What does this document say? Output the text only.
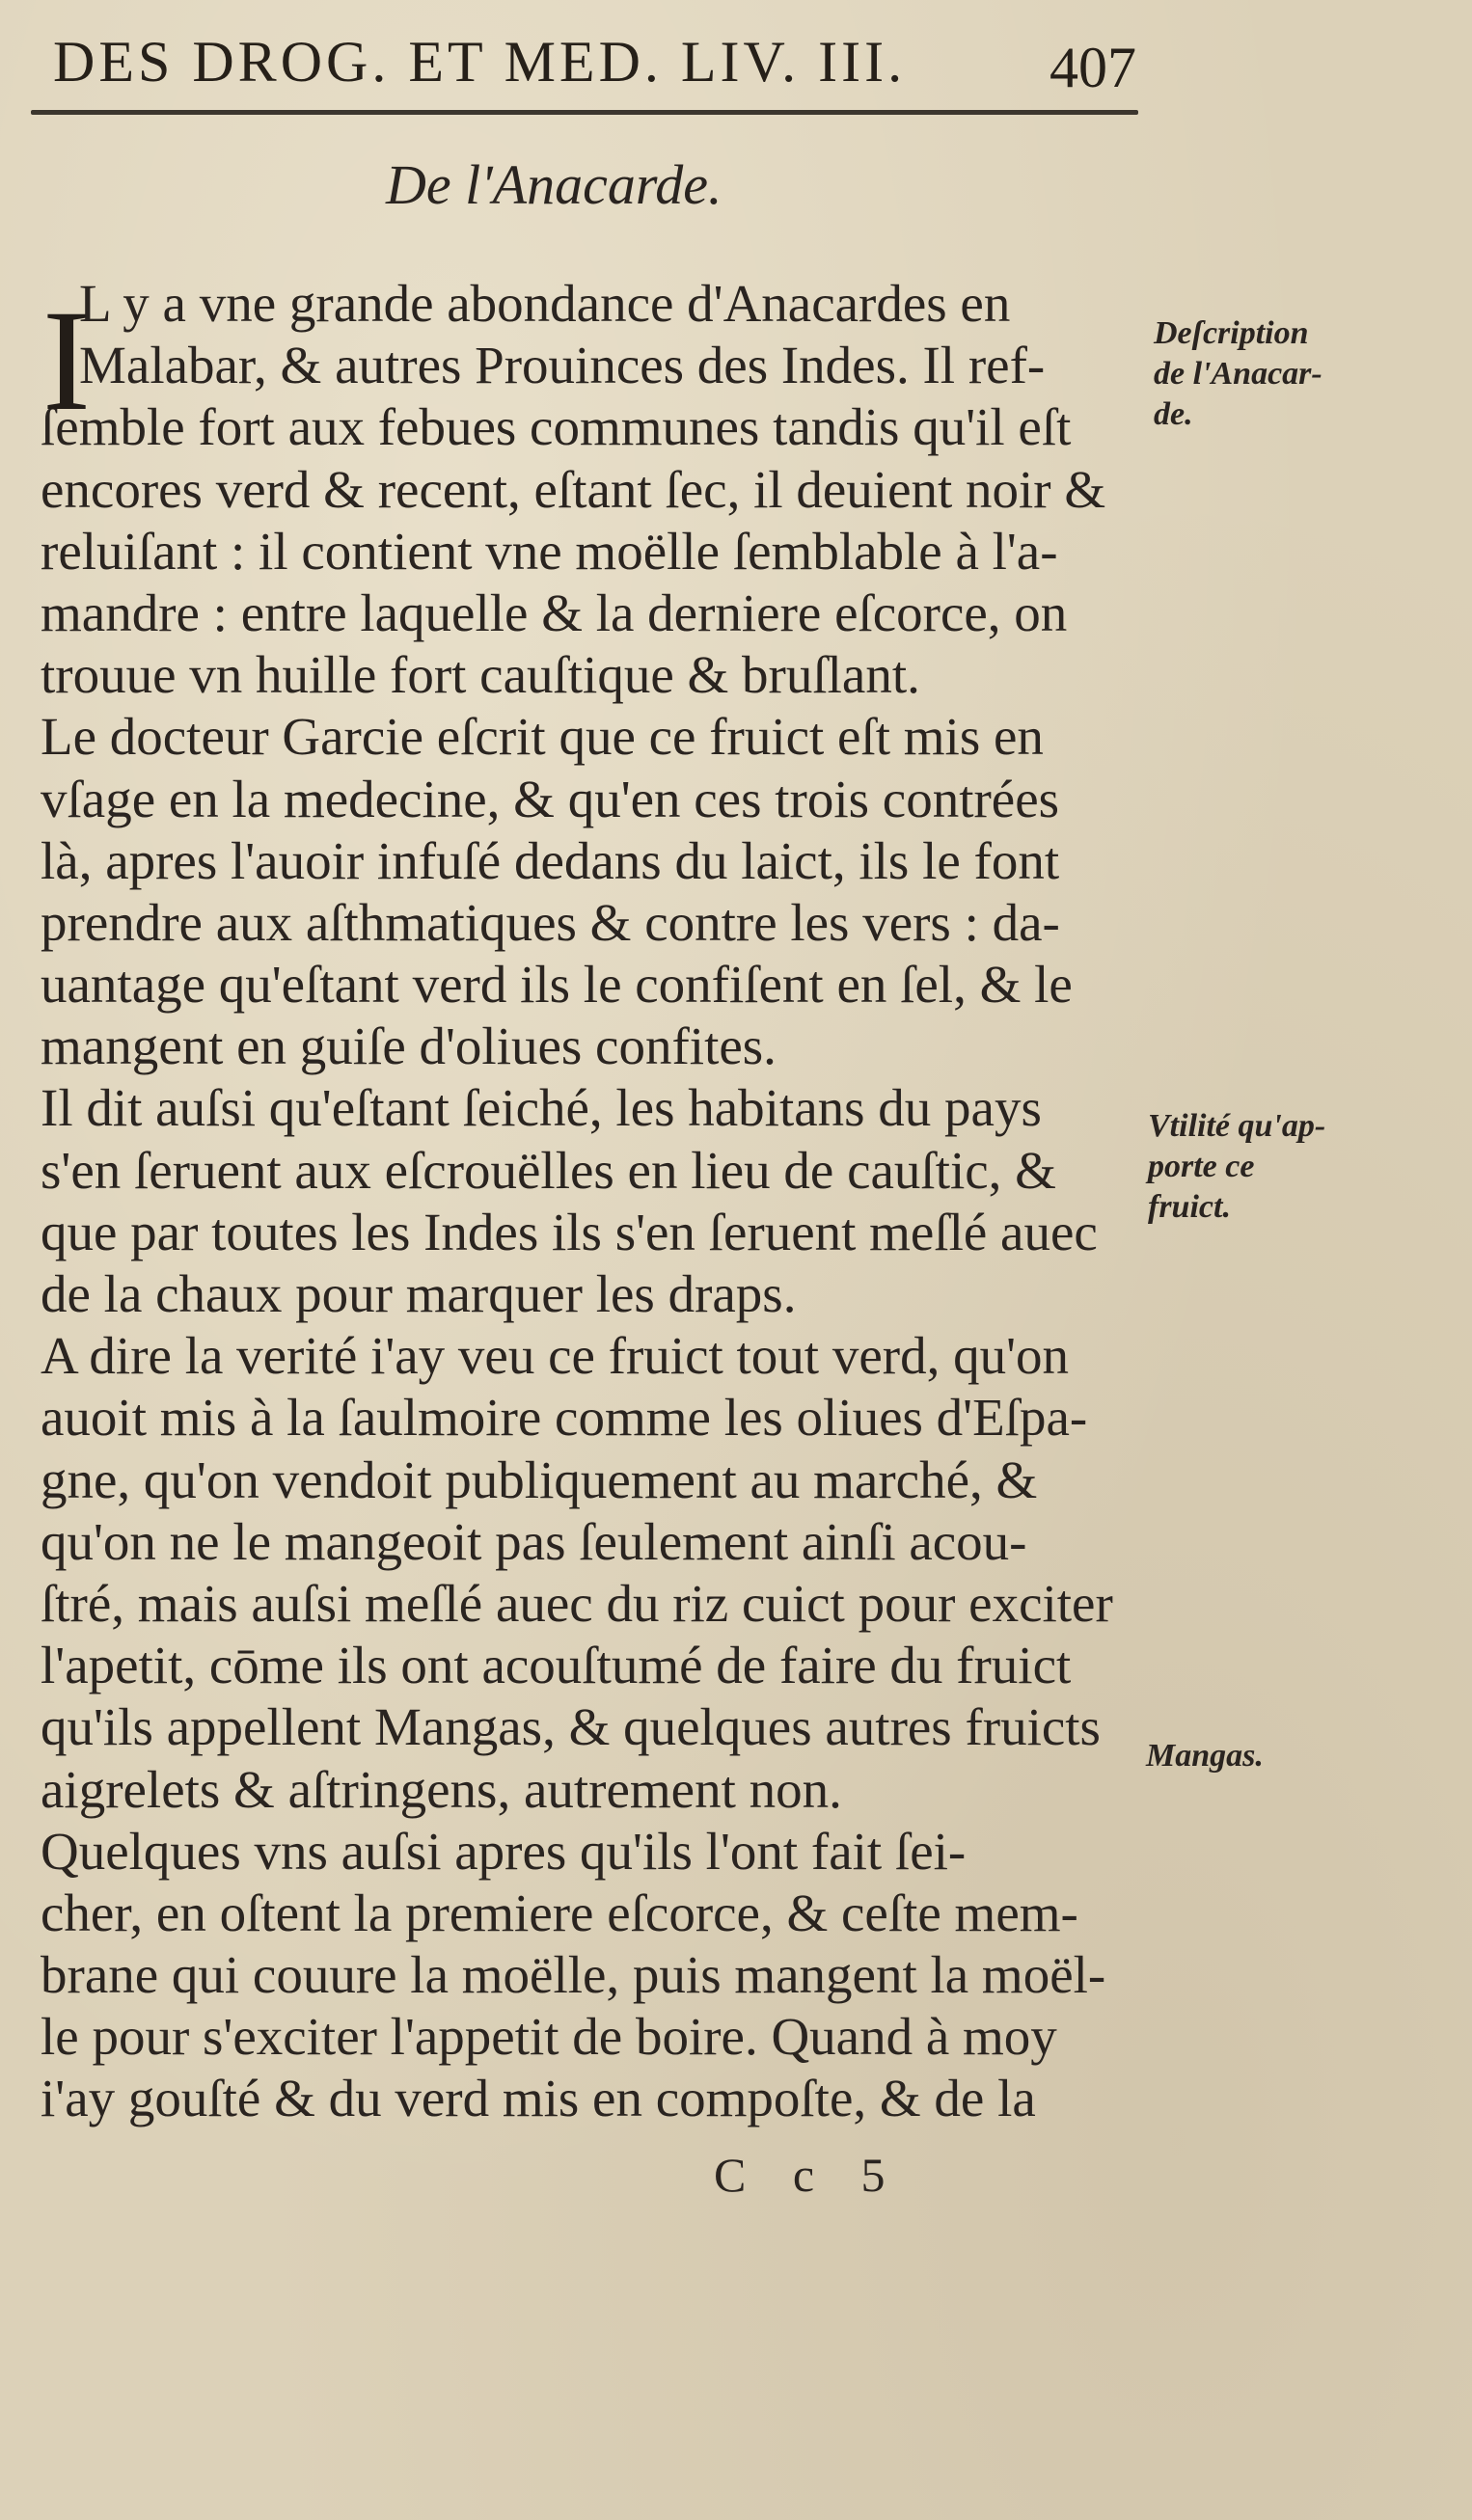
DES DROG. ET MED. LIV. III. 407
De l'Anacarde.
I
L y a vne grande abondance d'Anacardes en
Malabar, & autres Prouinces des Indes. Il ref-
ſemble fort aux febues communes tandis qu'il eſt
encores verd & recent, eſtant ſec, il deuient noir &
reluiſant : il contient vne moëlle ſemblable à l'a-
mandre : entre laquelle & la derniere eſcorce, on
trouue vn huille fort cauſtique & bruſlant.
Le docteur Garcie eſcrit que ce fruict eſt mis en
vſage en la medecine, & qu'en ces trois contrées
là, apres l'auoir infuſé dedans du laict, ils le font
prendre aux aſthmatiques & contre les vers : da-
uantage qu'eſtant verd ils le confiſent en ſel, & le
mangent en guiſe d'oliues confites.
Il dit auſsi qu'eſtant ſeiché, les habitans du pays
s'en ſeruent aux eſcrouëlles en lieu de cauſtic, &
que par toutes les Indes ils s'en ſeruent meſlé auec
de la chaux pour marquer les draps.
A dire la verité i'ay veu ce fruict tout verd, qu'on
auoit mis à la ſaulmoire comme les oliues d'Eſpa-
gne, qu'on vendoit publiquement au marché, &
qu'on ne le mangeoit pas ſeulement ainſi acou-
ſtré, mais auſsi meſlé auec du riz cuict pour exciter
l'apetit, cōme ils ont acouſtumé de faire du fruict
qu'ils appellent Mangas, & quelques autres fruicts
aigrelets & aſtringens, autrement non.
Quelques vns auſsi apres qu'ils l'ont fait ſei-
cher, en oſtent la premiere eſcorce, & ceſte mem-
brane qui couure la moëlle, puis mangent la moël-
le pour s'exciter l'appetit de boire. Quand à moy
i'ay gouſté & du verd mis en compoſte, & de la
Deſcription
de l'Anacar-
de.
Vtilité qu'ap-
porte ce
fruict.
Mangas.
C c 5
